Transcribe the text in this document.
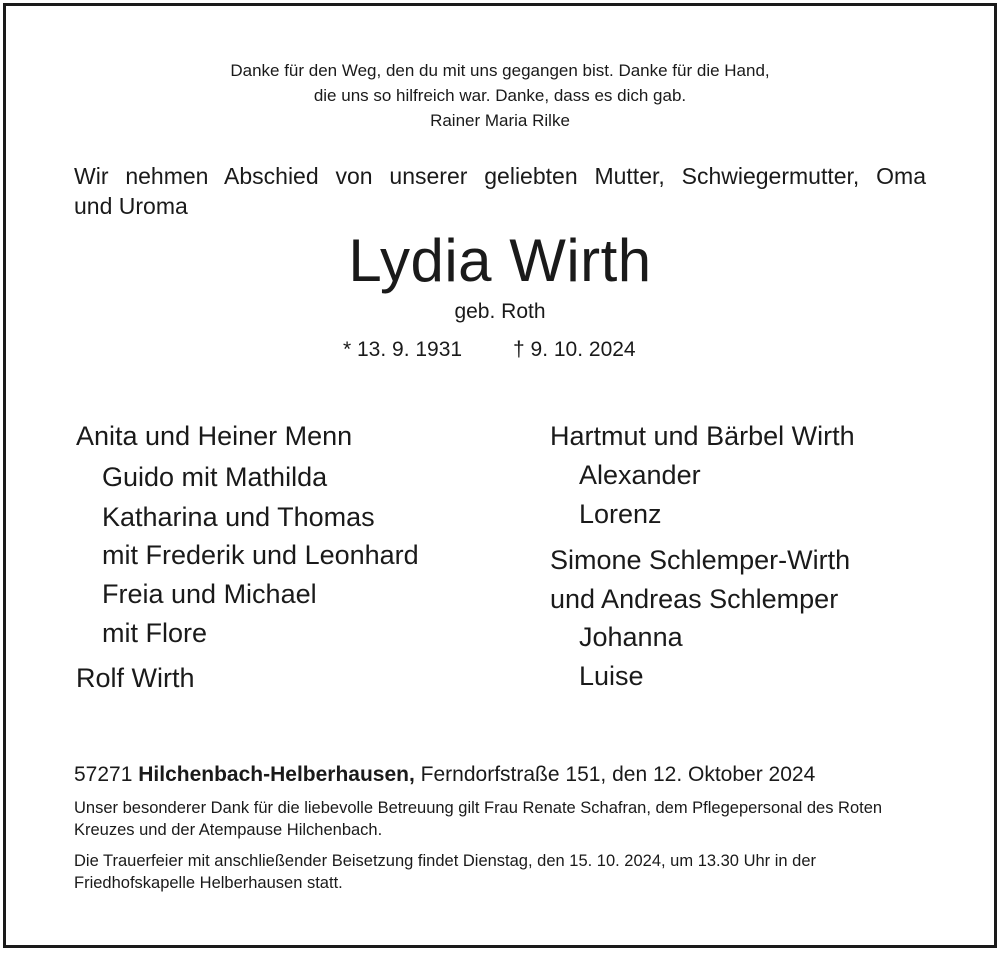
Danke für den Weg, den du mit uns gegangen bist. Danke für die Hand,
die uns so hilfreich war. Danke, dass es dich gab.
Rainer Maria Rilke
Wir nehmen Abschied von unserer geliebten Mutter, Schwiegermutter, Oma
und Uroma
Lydia Wirth
geb. Roth
* 13. 9. 1931 † 9. 10. 2024
Anita und Heiner Menn
Guido mit Mathilda
Katharina und Thomas
mit Frederik und Leonhard
Freia und Michael
mit Flore
Rolf Wirth
Hartmut und Bärbel Wirth
Alexander
Lorenz
Simone Schlemper-Wirth
und Andreas Schlemper
Johanna
Luise
57271 Hilchenbach-Helberhausen, Ferndorfstraße 151, den 12. Oktober 2024
Unser besonderer Dank für die liebevolle Betreuung gilt Frau Renate Schafran, dem Pflegepersonal des Roten Kreuzes und der Atempause Hilchenbach.
Die Trauerfeier mit anschließender Beisetzung findet Dienstag, den 15. 10. 2024, um 13.30 Uhr in der Friedhofskapelle Helberhausen statt.
